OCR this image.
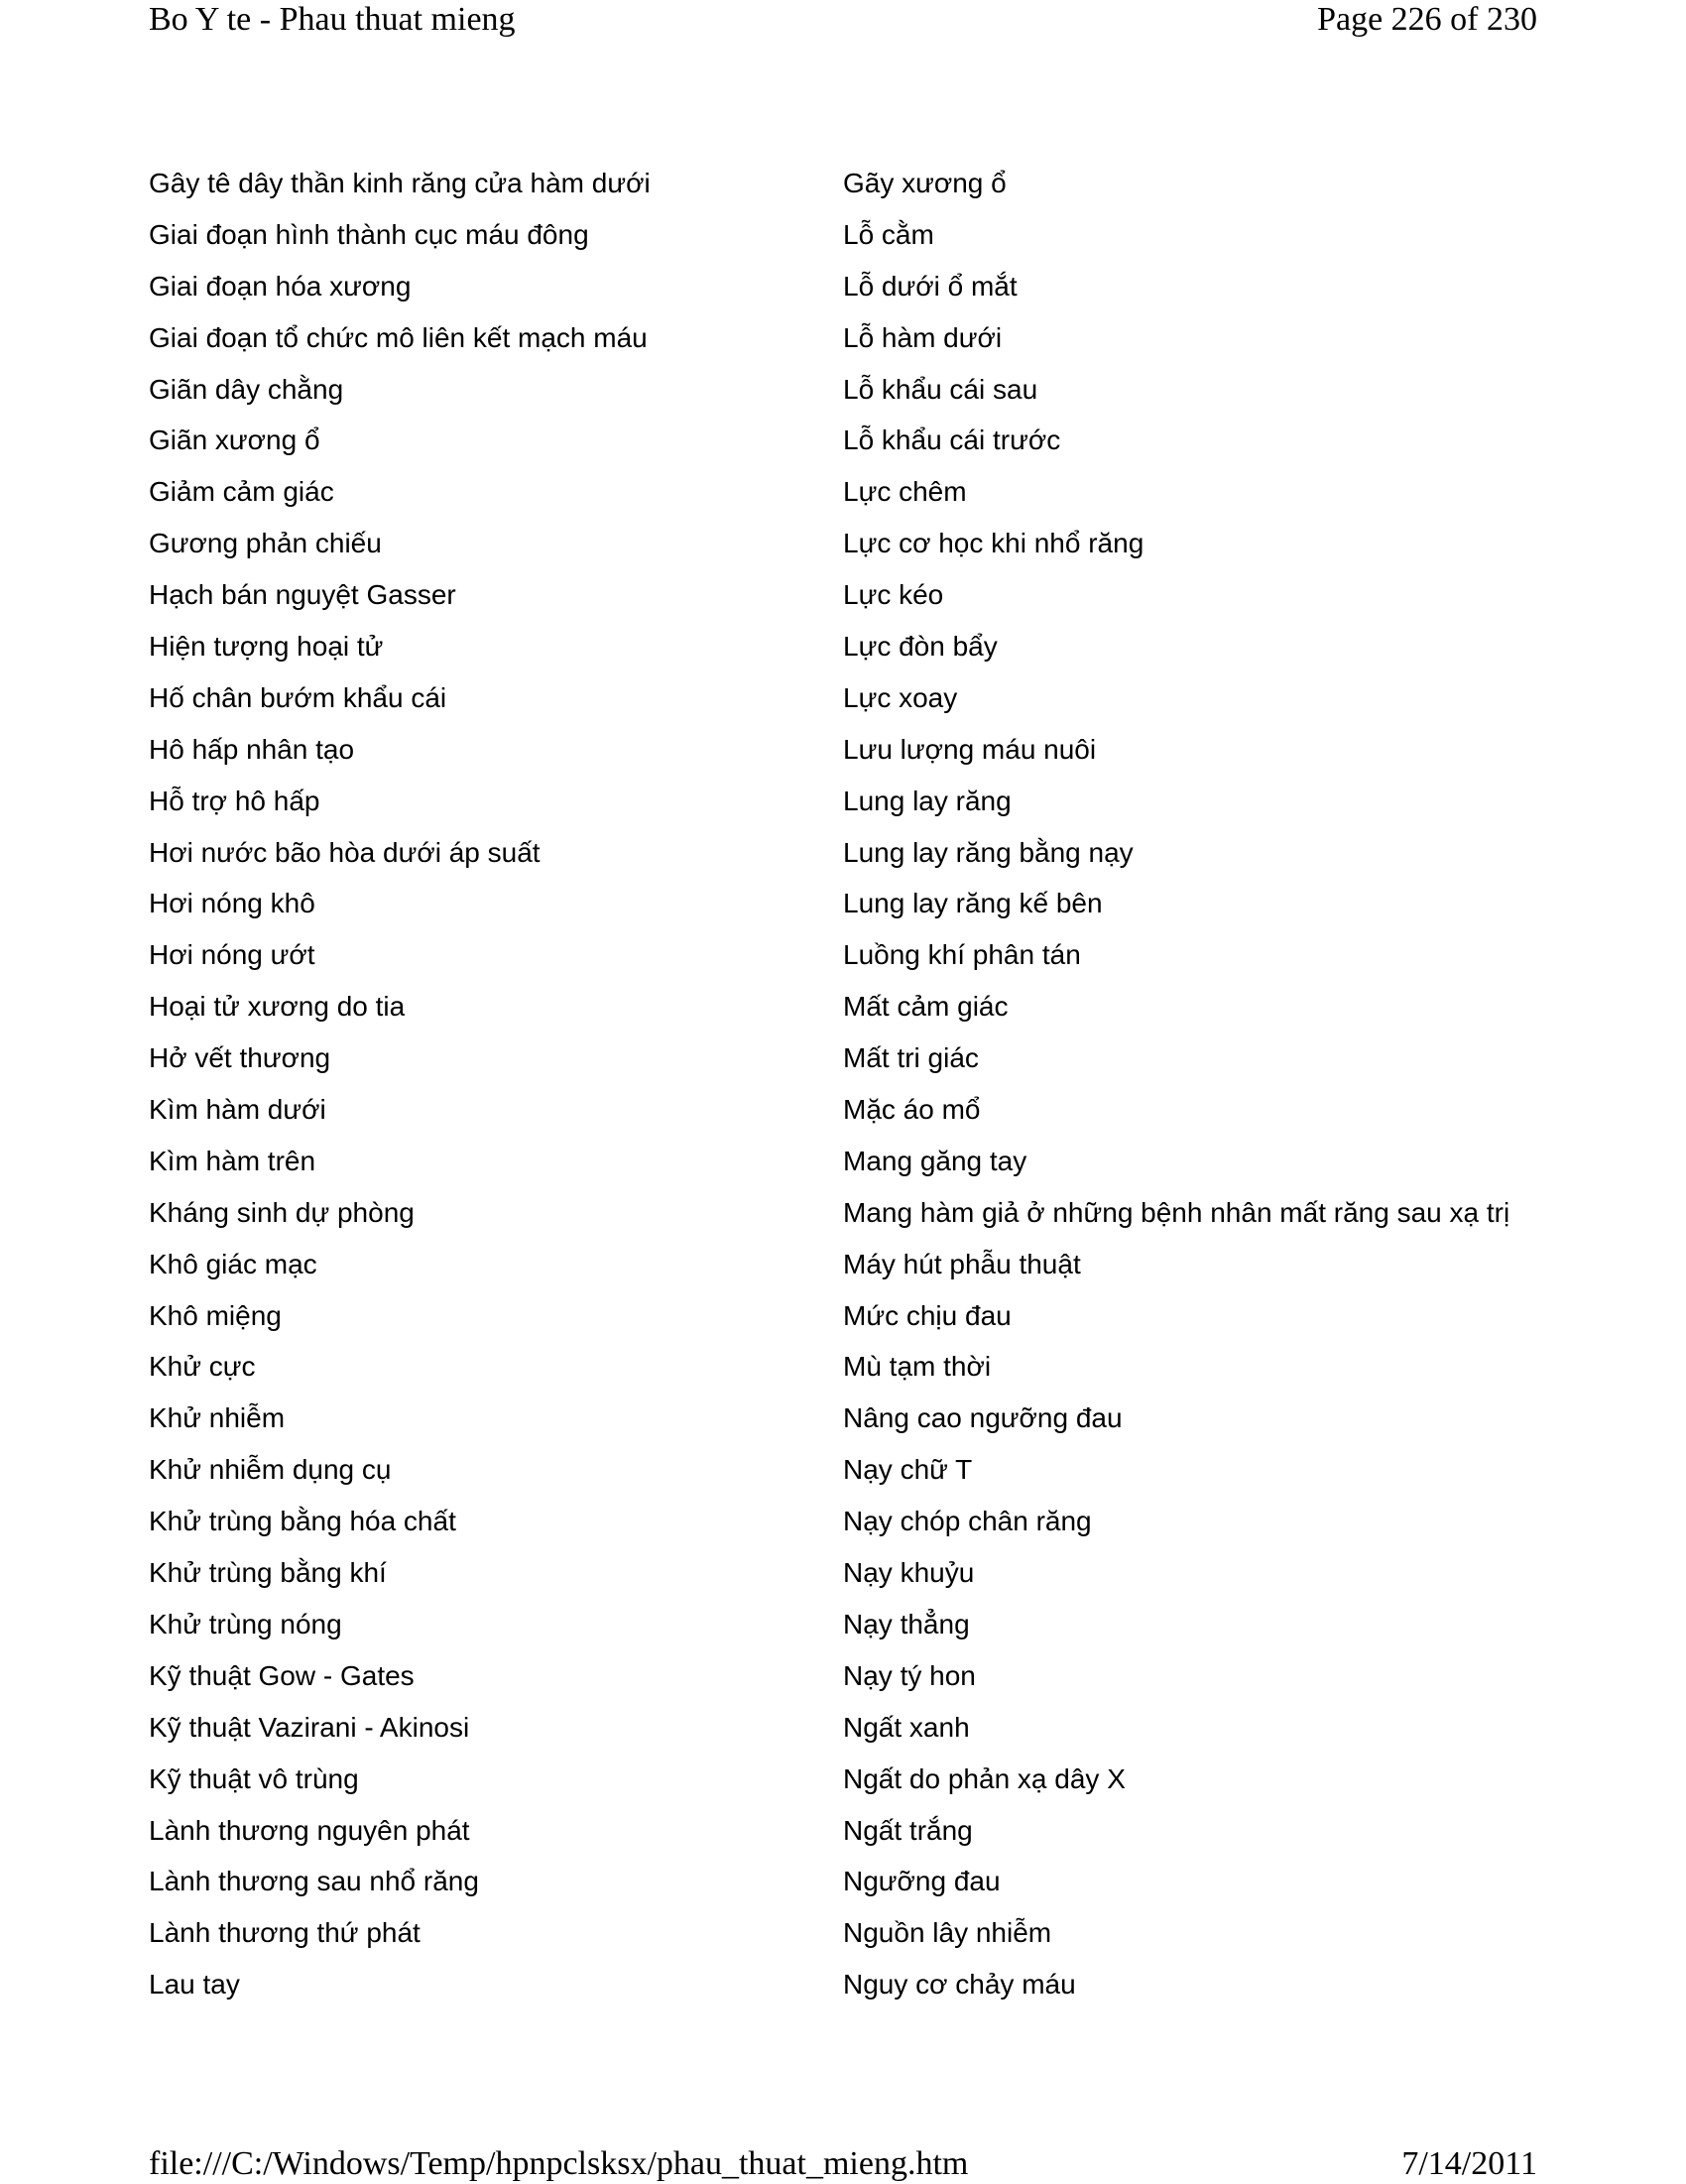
Bo Y te - Phau thuat mieng	Page 226 of 230
Gây tê dây thần kinh răng cửa hàm dưới
Giai đoạn hình thành cục máu đông
Giai đoạn hóa xương
Giai đoạn tổ chức mô liên kết mạch máu
Giãn dây chằng
Giãn xương ổ
Giảm cảm giác
Gương phản chiếu
Hạch bán nguyệt Gasser
Hiện tượng hoại tử
Hố chân bướm khẩu cái
Hô hấp nhân tạo
Hỗ trợ hô hấp
Hơi nước bão hòa dưới áp suất
Hơi nóng khô
Hơi nóng ướt
Hoại tử xương do tia
Hở vết thương
Kìm hàm dưới
Kìm hàm trên
Kháng sinh dự phòng
Khô giác mạc
Khô miệng
Khử cực
Khử nhiễm
Khử nhiễm dụng cụ
Khử trùng bằng hóa chất
Khử trùng bằng khí
Khử trùng nóng
Kỹ thuật Gow - Gates
Kỹ thuật Vazirani - Akinosi
Kỹ thuật vô trùng
Lành thương nguyên phát
Lành thương sau nhổ răng
Lành thương thứ phát
Lau tay
Gãy xương ổ
Lỗ cằm
Lỗ dưới ổ mắt
Lỗ hàm dưới
Lỗ khẩu cái sau
Lỗ khẩu cái trước
Lực chêm
Lực cơ học khi nhổ răng
Lực kéo
Lực đòn bẩy
Lực xoay
Lưu lượng máu nuôi
Lung lay răng
Lung lay răng bằng nạy
Lung lay răng kế bên
Luồng khí phân tán
Mất cảm giác
Mất tri giác
Mặc áo mổ
Mang găng tay
Mang hàm giả ở những bệnh nhân mất răng sau xạ trị
Máy hút phẫu thuật
Mức chịu đau
Mù tạm thời
Nâng cao ngưỡng đau
Nạy chữ T
Nạy chóp chân răng
Nạy khuỷu
Nạy thẳng
Nạy tý hon
Ngất xanh
Ngất do phản xạ dây X
Ngất trắng
Ngưỡng đau
Nguồn lây nhiễm
Nguy cơ chảy máu
file:///C:/Windows/Temp/hpnpclsksx/phau_thuat_mieng.htm	7/14/2011
